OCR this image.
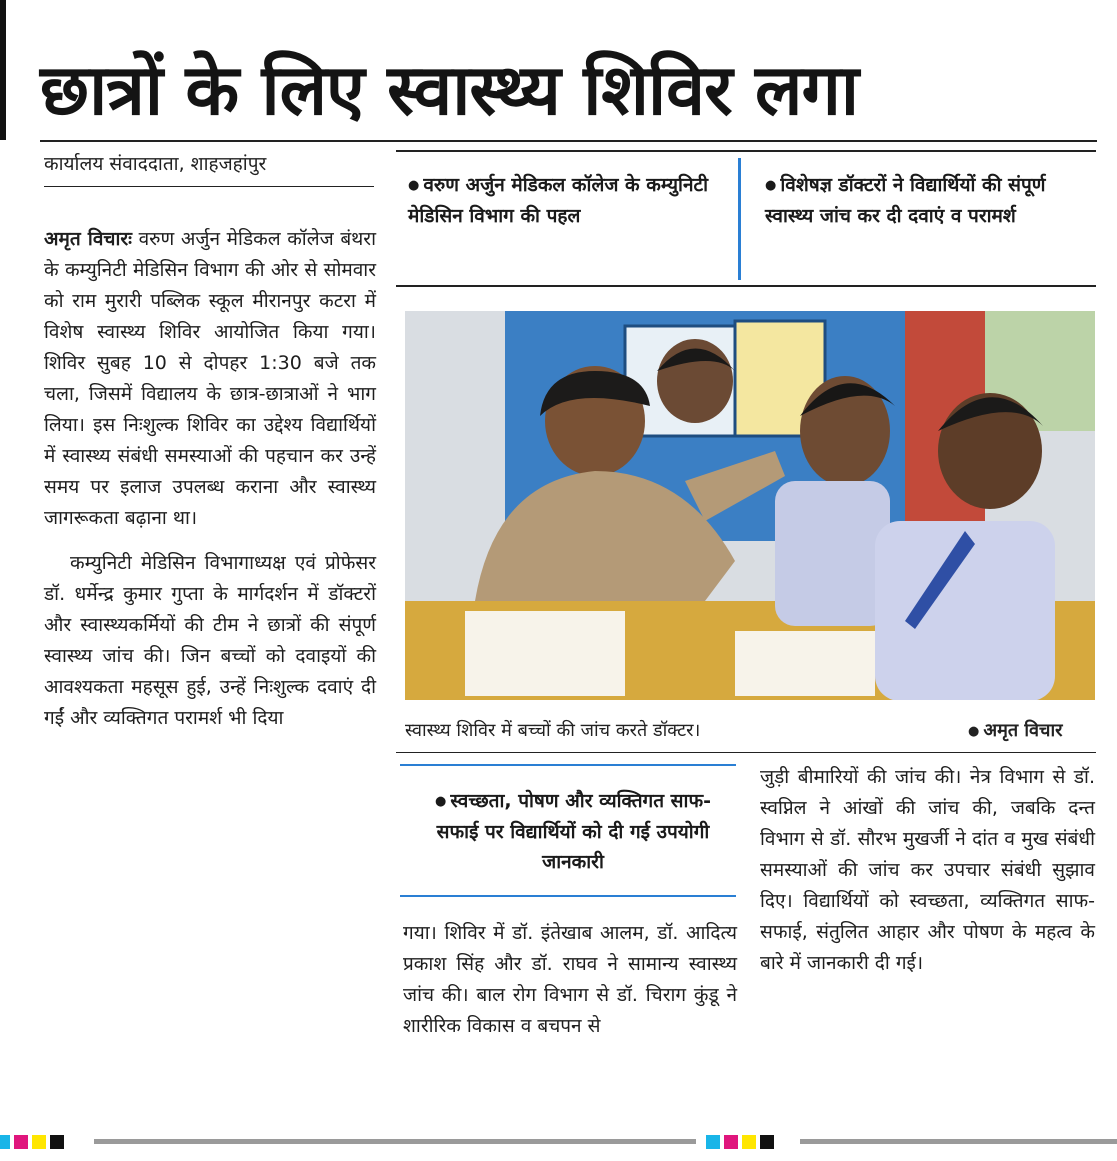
छात्रों के लिए स्वास्थ्य शिविर लगा
कार्यालय संवाददाता, शाहजहांपुर

अमृत विचारः वरुण अर्जुन मेडिकल कॉलेज बंथरा के कम्युनिटी मेडिसिन विभाग की ओर से सोमवार को राम मुरारी पब्लिक स्कूल मीरानपुर कटरा में विशेष स्वास्थ्य शिविर आयोजित किया गया। शिविर सुबह 10 से दोपहर 1:30 बजे तक चला, जिसमें विद्यालय के छात्र-छात्राओं ने भाग लिया। इस निःशुल्क शिविर का उद्देश्य विद्यार्थियों में स्वास्थ्य संबंधी समस्याओं की पहचान कर उन्हें समय पर इलाज उपलब्ध कराना और स्वास्थ्य जागरूकता बढ़ाना था।

कम्युनिटी मेडिसिन विभागाध्यक्ष एवं प्रोफेसर डॉ. धर्मेन्द्र कुमार गुप्ता के मार्गदर्शन में डॉक्टरों और स्वास्थ्यकर्मियों की टीम ने छात्रों की संपूर्ण स्वास्थ्य जांच की। जिन बच्चों को दवाइयों की आवश्यकता महसूस हुई, उन्हें निःशुल्क दवाएं दी गईं और व्यक्तिगत परामर्श भी दिया

● वरुण अर्जुन मेडिकल कॉलेज के कम्युनिटी मेडिसिन विभाग की पहल
● विशेषज्ञ डॉक्टरों ने विद्यार्थियों की संपूर्ण स्वास्थ्य जांच कर दी दवाएं व परामर्श
स्वास्थ्य शिविर में बच्चों की जांच करते डॉक्टर।
●	अमृत विचार
● स्वच्छता, पोषण और व्यक्तिगत साफ-सफाई पर विद्यार्थियों को दी गई उपयोगी जानकारी
गया। शिविर में डॉ. इंतेखाब आलम, डॉ. आदित्य प्रकाश सिंह और डॉ. राघव ने सामान्य स्वास्थ्य जांच की। बाल रोग विभाग से डॉ. चिराग कुंडू ने शारीरिक विकास व बचपन से
जुड़ी बीमारियों की जांच की। नेत्र विभाग से डॉ. स्वप्निल ने आंखों की जांच की, जबकि दन्त विभाग से डॉ. सौरभ मुखर्जी ने दांत व मुख संबंधी समस्याओं की जांच कर उपचार संबंधी सुझाव दिए। विद्यार्थियों को स्वच्छता, व्यक्तिगत साफ-सफाई, संतुलित आहार और पोषण के महत्व के बारे में जानकारी दी गई।
